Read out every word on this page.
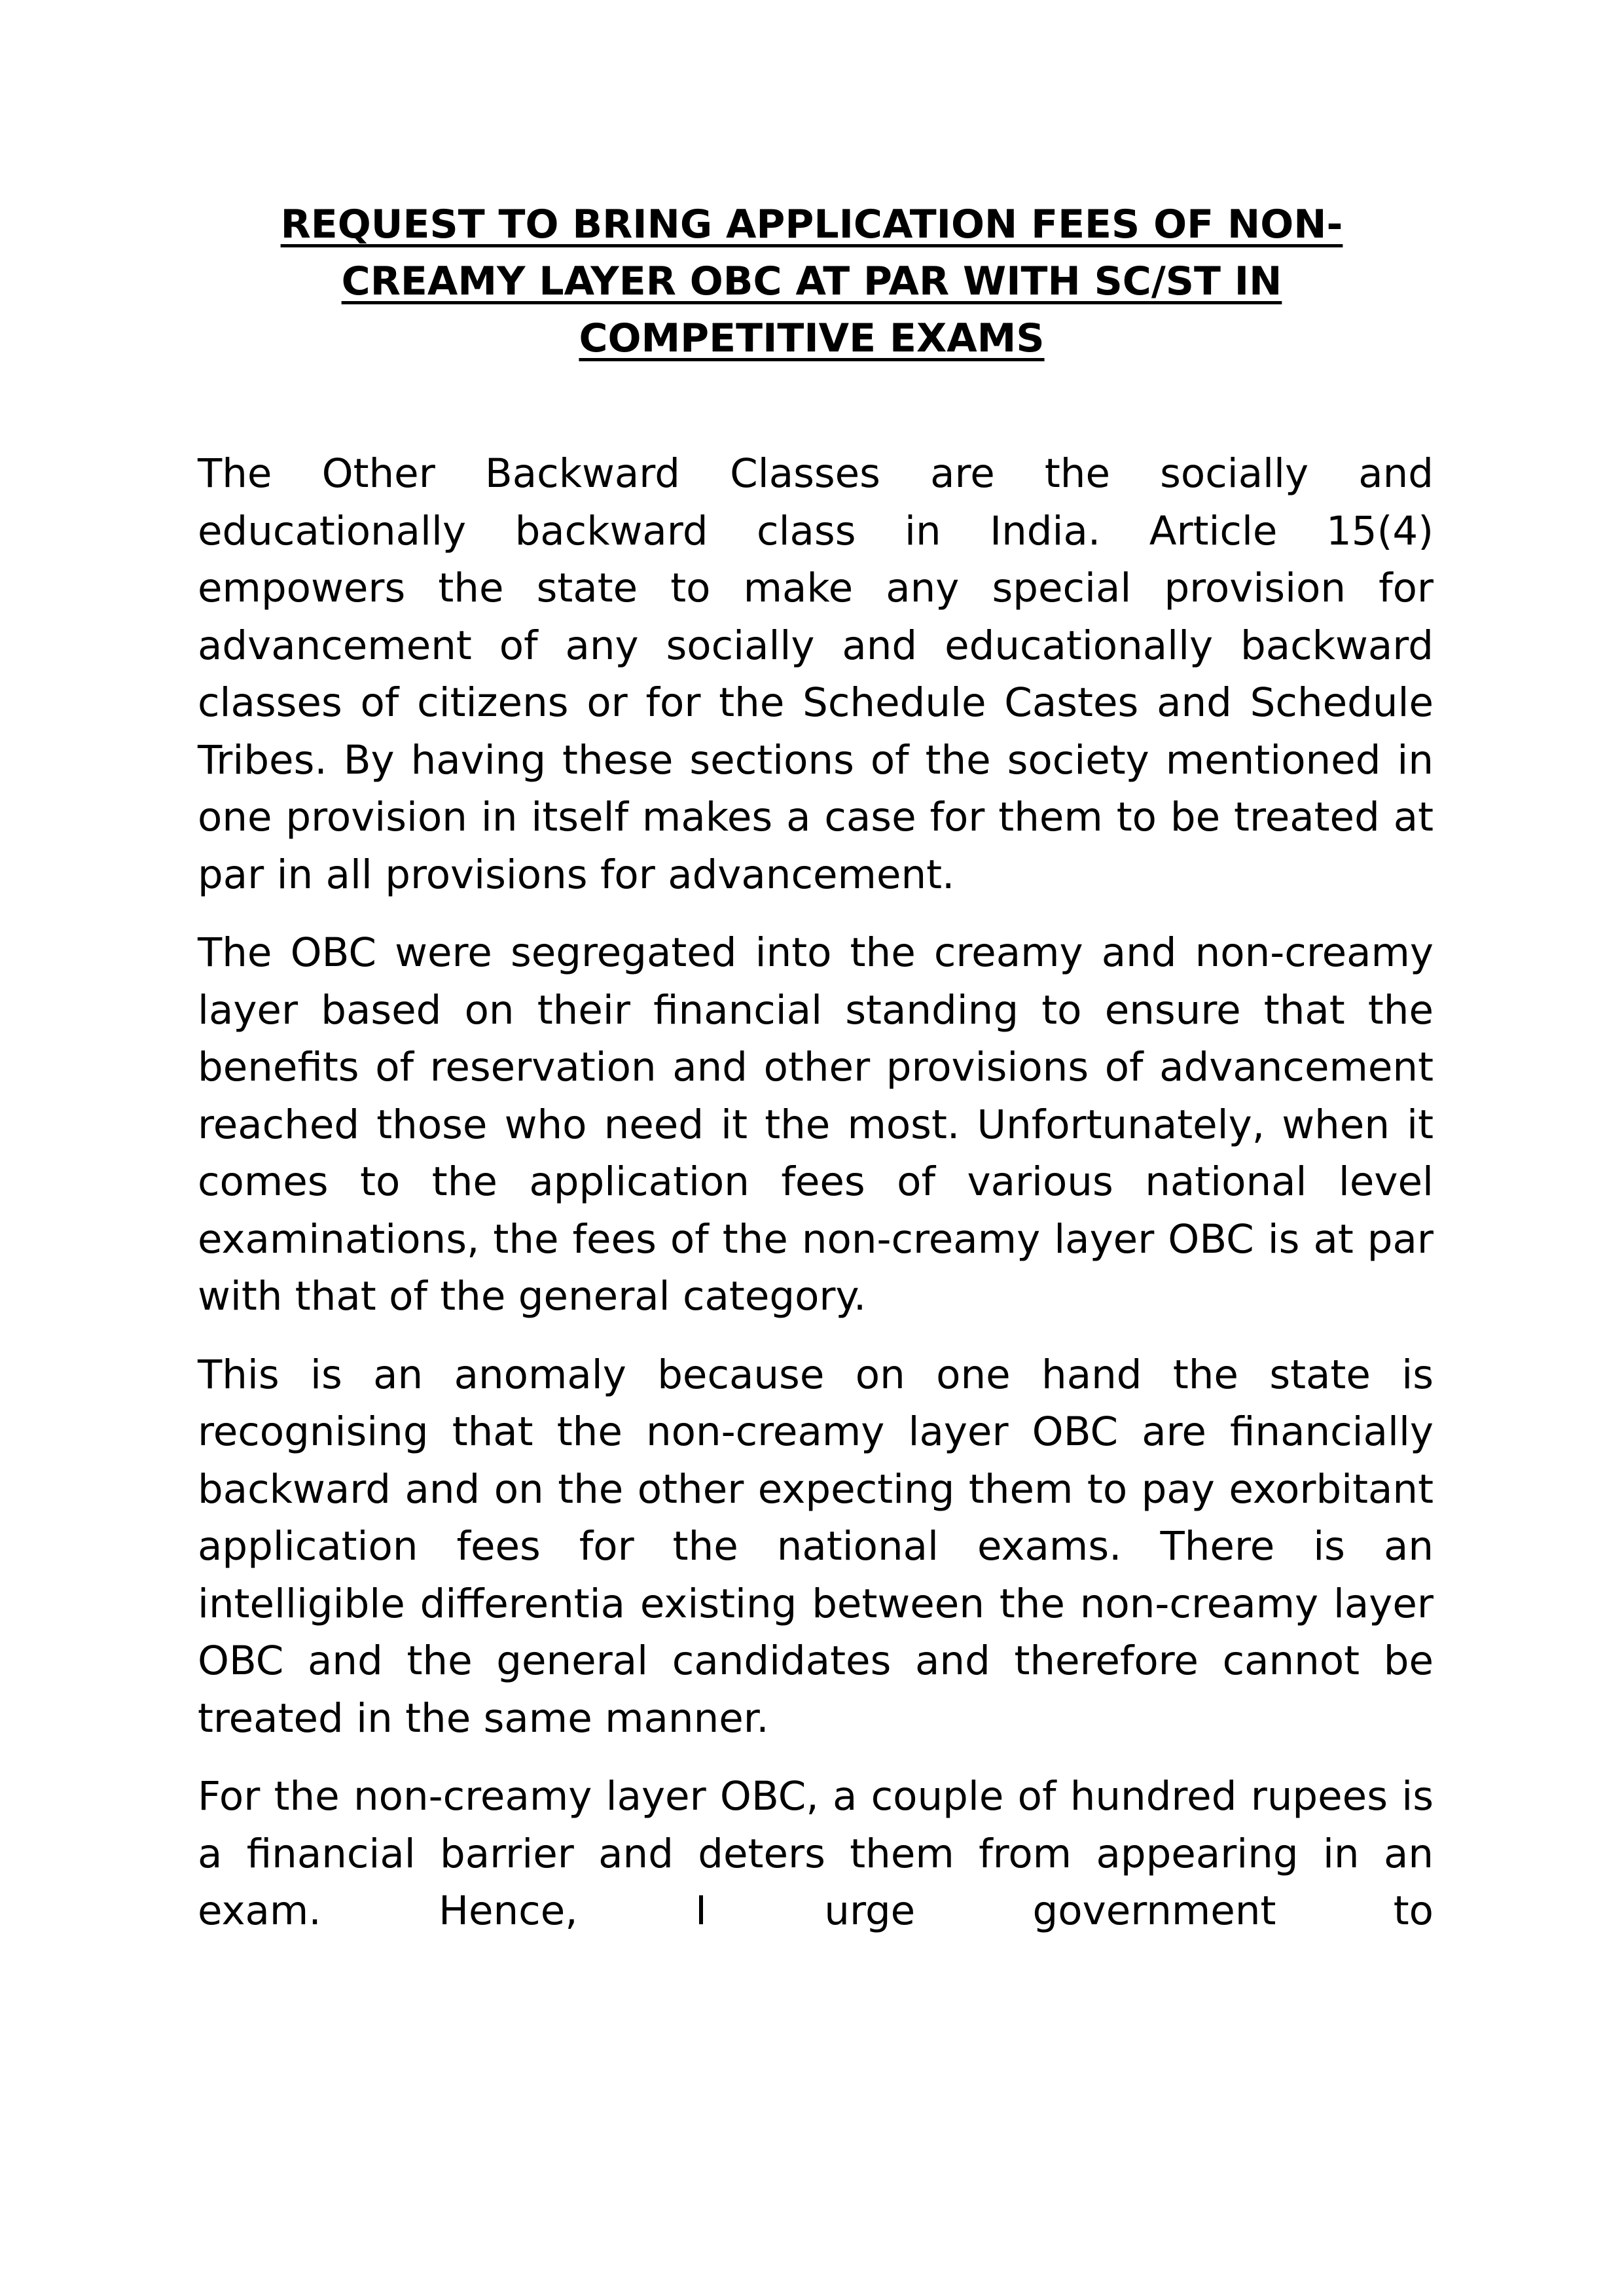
REQUEST TO BRING APPLICATION FEES OF NON-
CREAMY LAYER OBC AT PAR WITH SC/ST IN
COMPETITIVE EXAMS

The Other Backward Classes are the socially and educationally backward class in India. Article 15(4) empowers the state to make any special provision for advancement of any socially and educationally backward classes of citizens or for the Schedule Castes and Schedule Tribes. By having these sections of the society mentioned in one provision in itself makes a case for them to be treated at par in all provisions for advancement.

The OBC were segregated into the creamy and non-creamy layer based on their financial standing to ensure that the benefits of reservation and other provisions of advancement reached those who need it the most. Unfortunately, when it comes to the application fees of various national level examinations, the fees of the non-creamy layer OBC is at par with that of the general category.

This is an anomaly because on one hand the state is recognising that the non-creamy layer OBC are financially backward and on the other expecting them to pay exorbitant application fees for the national exams. There is an intelligible differentia existing between the non-creamy layer OBC and the general candidates and therefore cannot be treated in the same manner.

For the non-creamy layer OBC, a couple of hundred rupees is a financial barrier and deters them from appearing in an exam. Hence, I urge government to
